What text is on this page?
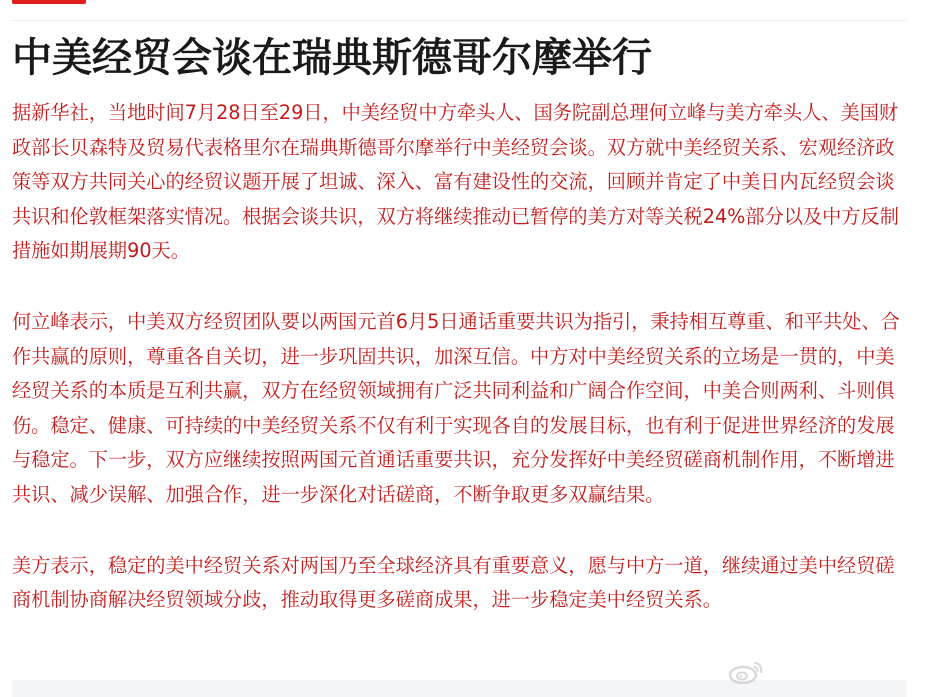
中美经贸会谈在瑞典斯德哥尔摩举行

据新华社，当地时间7月28日至29日，中美经贸中方牵头人、国务院副总理何立峰与美方牵头人、美国财政部长贝森特及贸易代表格里尔在瑞典斯德哥尔摩举行中美经贸会谈。双方就中美经贸关系、宏观经济政策等双方共同关心的经贸议题开展了坦诚、深入、富有建设性的交流，回顾并肯定了中美日内瓦经贸会谈共识和伦敦框架落实情况。根据会谈共识，双方将继续推动已暂停的美方对等关税24%部分以及中方反制措施如期展期90天。

何立峰表示，中美双方经贸团队要以两国元首6月5日通话重要共识为指引，秉持相互尊重、和平共处、合作共赢的原则，尊重各自关切，进一步巩固共识，加深互信。中方对中美经贸关系的立场是一贯的，中美经贸关系的本质是互利共赢，双方在经贸领域拥有广泛共同利益和广阔合作空间，中美合则两利、斗则俱伤。稳定、健康、可持续的中美经贸关系不仅有利于实现各自的发展目标，也有利于促进世界经济的发展与稳定。下一步，双方应继续按照两国元首通话重要共识，充分发挥好中美经贸磋商机制作用，不断增进共识、减少误解、加强合作，进一步深化对话磋商，不断争取更多双赢结果。

美方表示，稳定的美中经贸关系对两国乃至全球经济具有重要意义，愿与中方一道，继续通过美中经贸磋商机制协商解决经贸领域分歧，推动取得更多磋商成果，进一步稳定美中经贸关系。
